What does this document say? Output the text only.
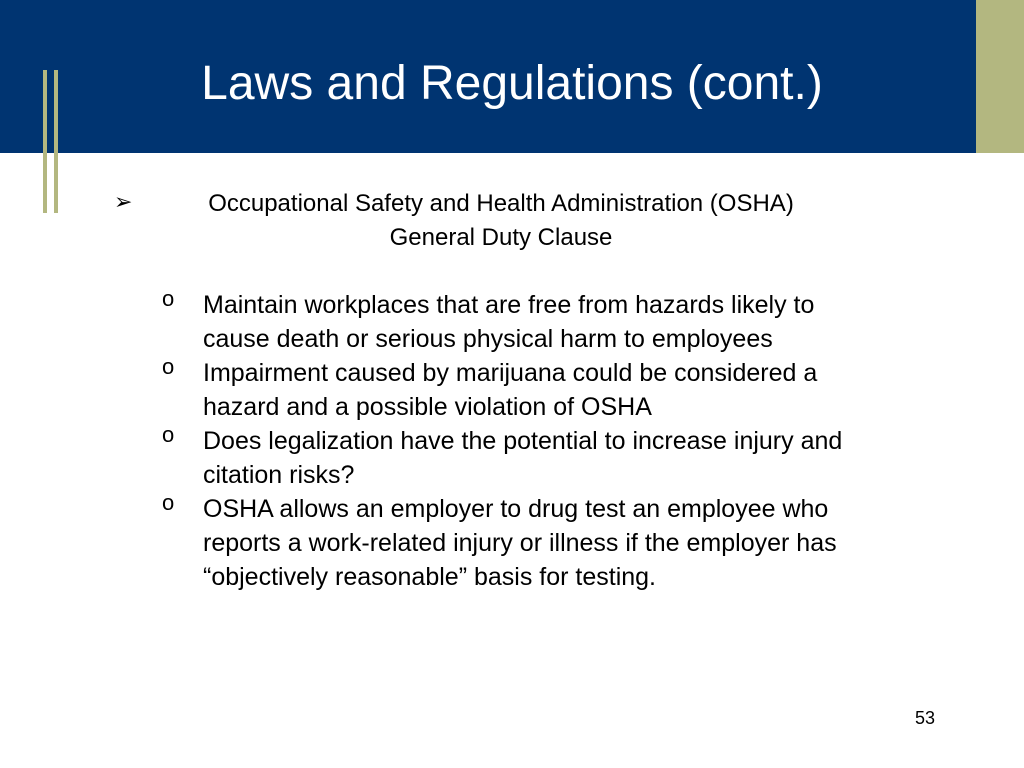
Laws and Regulations (cont.)
➢	Occupational Safety and Health Administration (OSHA)
General Duty Clause
o Maintain workplaces that are free from hazards likely to cause death or serious physical harm to employees
o Impairment caused by marijuana could be considered a hazard and a possible violation of OSHA
o Does legalization have the potential to increase injury and citation risks?
o OSHA allows an employer to drug test an employee who reports a work-related injury or illness if the employer has “objectively reasonable” basis for testing.
53
